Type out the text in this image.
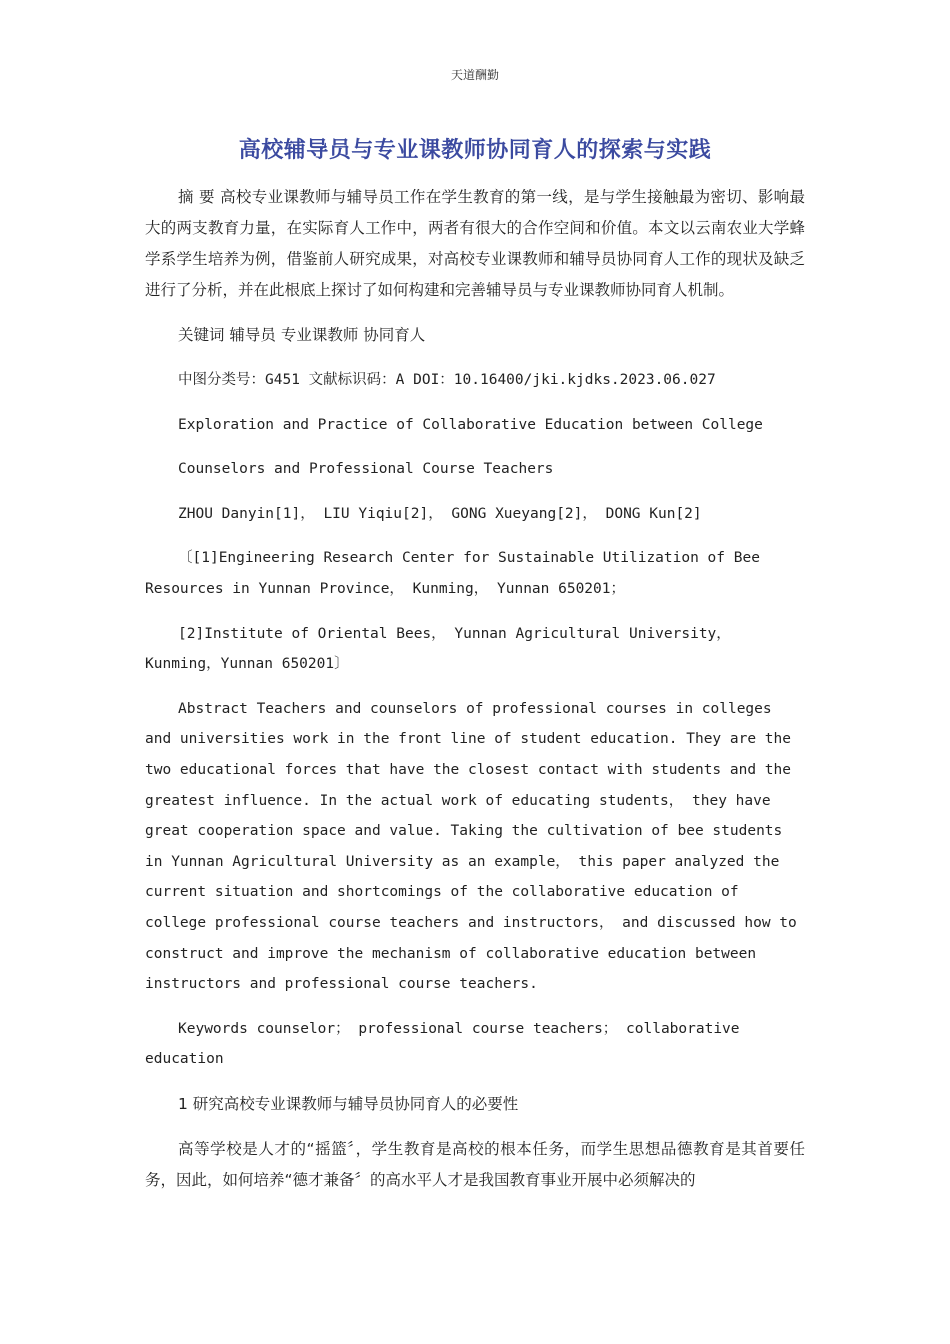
天道酬勤
高校辅导员与专业课教师协同育人的探索与实践

摘 要 高校专业课教师与辅导员工作在学生教育的第一线，是与学生接触最为密切、影响最大的两支教育力量，在实际育人工作中，两者有很大的合作空间和价值。本文以云南农业大学蜂学系学生培养为例，借鉴前人研究成果，对高校专业课教师和辅导员协同育人工作的现状及缺乏进行了分析，并在此根底上探讨了如何构建和完善辅导员与专业课教师协同育人机制。

关键词 辅导员 专业课教师 协同育人

中图分类号：G451 文献标识码：A DOI：10.16400/jki.kjdks.2023.06.027

Exploration and Practice of Collaborative Education between College

Counselors and Professional Course Teachers

ZHOU Danyin[1]， LIU Yiqiu[2]， GONG Xueyang[2]， DONG Kun[2]

〔[1]Engineering Research Center for Sustainable Utilization of Bee Resources in Yunnan Province， Kunming， Yunnan 650201；

[2]Institute of Oriental Bees， Yunnan Agricultural University，Kunming，Yunnan 650201〕

Abstract Teachers and counselors of professional courses in colleges and universities work in the front line of student education. They are the two educational forces that have the closest contact with students and the greatest influence. In the actual work of educating students， they have great cooperation space and value. Taking the cultivation of bee students in Yunnan Agricultural University as an example， this paper analyzed the current situation and shortcomings of the collaborative education of college professional course teachers and instructors， and discussed how to construct and improve the mechanism of collaborative education between instructors and professional course teachers.

Keywords counselor； professional course teachers； collaborative education

1 研究高校专业课教师与辅导员协同育人的必要性

高等学校是人才的“摇篮〞，学生教育是高校的根本任务，而学生思想品德教育是其首要任务，因此，如何培养“德才兼备〞的高水平人才是我国教育事业开展中必须解决的
